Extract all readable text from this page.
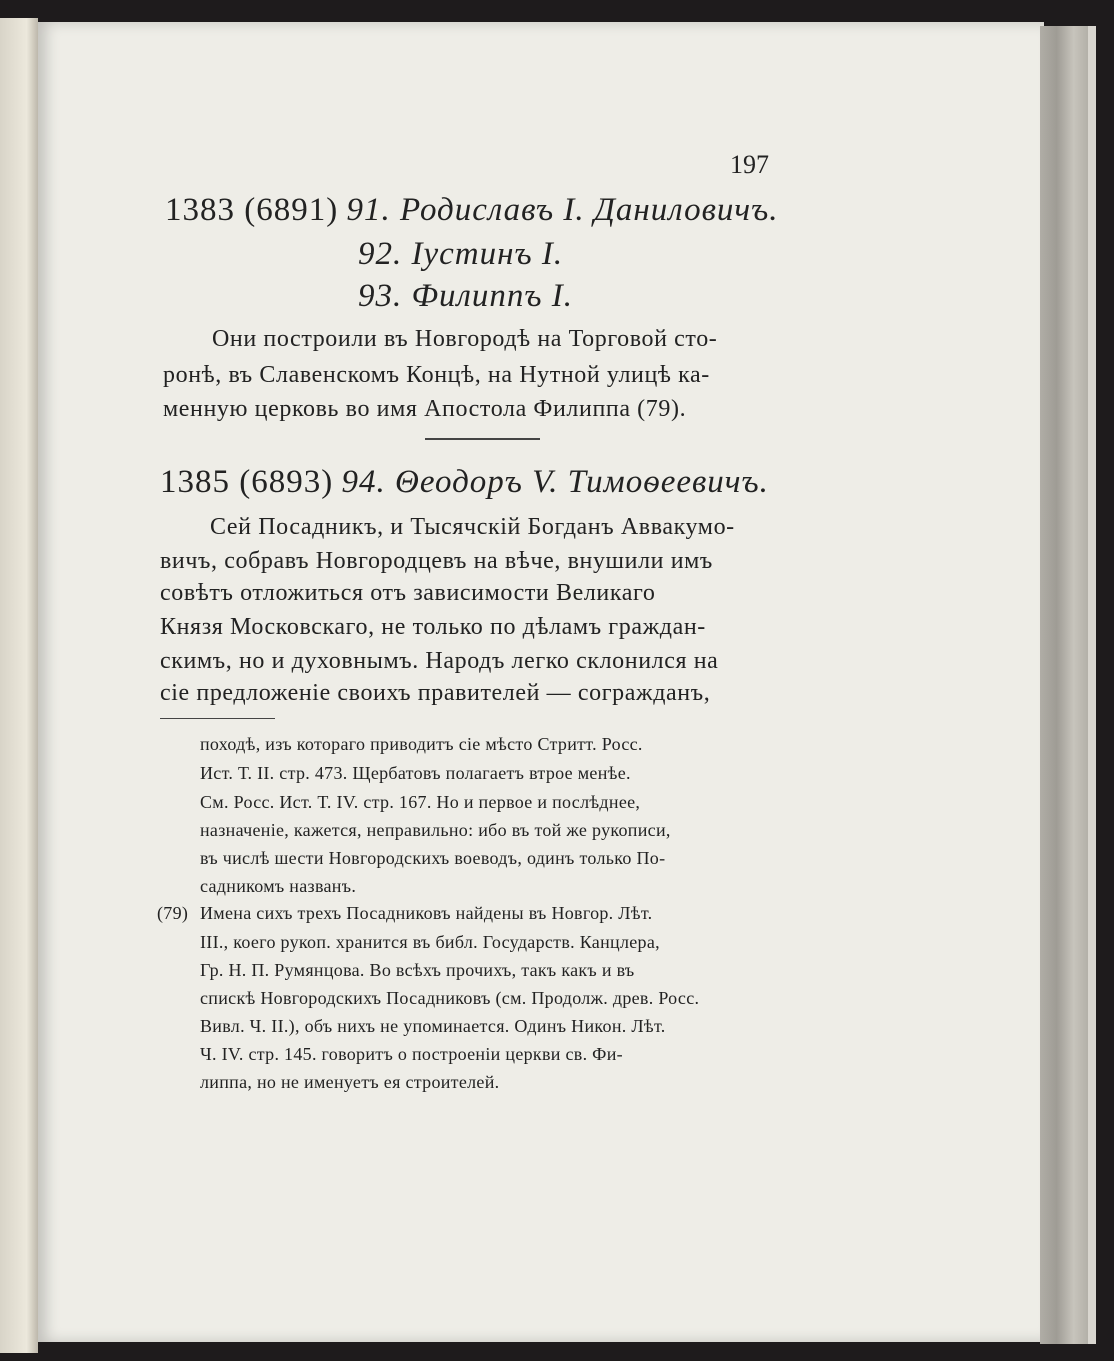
197
1383 (6891) 91. Родиславъ I. Даниловичъ.
92. Іустинъ I.
93. Филиппъ I.
Они построили въ Новгородѣ на Торговой сто-
ронѣ, въ Славенскомъ Концѣ, на Нутной улицѣ ка-
менную церковь во имя Апостола Филиппа (79).
1385 (6893) 94. Θеодоръ V. Тимоѳеевичъ.
Сей Посадникъ, и Тысячскій Богданъ Аввакумо-
вичъ, собравъ Новгородцевъ на вѣче, внушили имъ
совѣтъ отложиться отъ зависимости Великаго
Князя Московскаго, не только по дѣламъ граждан-
скимъ, но и духовнымъ. Народъ легко склонился на
сіе предложеніе своихъ правителей — согражданъ,
походѣ, изъ котораго приводитъ сіе мѣсто Стритт. Росс.
Ист. Т. II. стр. 473. Щербатовъ полагаетъ втрое менѣе.
См. Росс. Ист. Т. IV. стр. 167. Но и первое и послѣднее,
назначеніе, кажется, неправильно: ибо въ той же рукописи,
въ числѣ шести Новгородскихъ воеводъ, одинъ только По-
садникомъ названъ.
(79) Имена сихъ трехъ Посадниковъ найдены въ Новгор. Лѣт.
III., коего рукоп. хранится въ библ. Государств. Канцлера,
Гр. Н. П. Румянцова. Во всѣхъ прочихъ, такъ какъ и въ
спискѣ Новгородскихъ Посадниковъ (см. Продолж. древ. Росс.
Вивл. Ч. II.), объ нихъ не упоминается. Одинъ Никон. Лѣт.
Ч. IV. стр. 145. говоритъ о построеніи церкви св. Фи-
липпа, но не именуетъ ея строителей.
